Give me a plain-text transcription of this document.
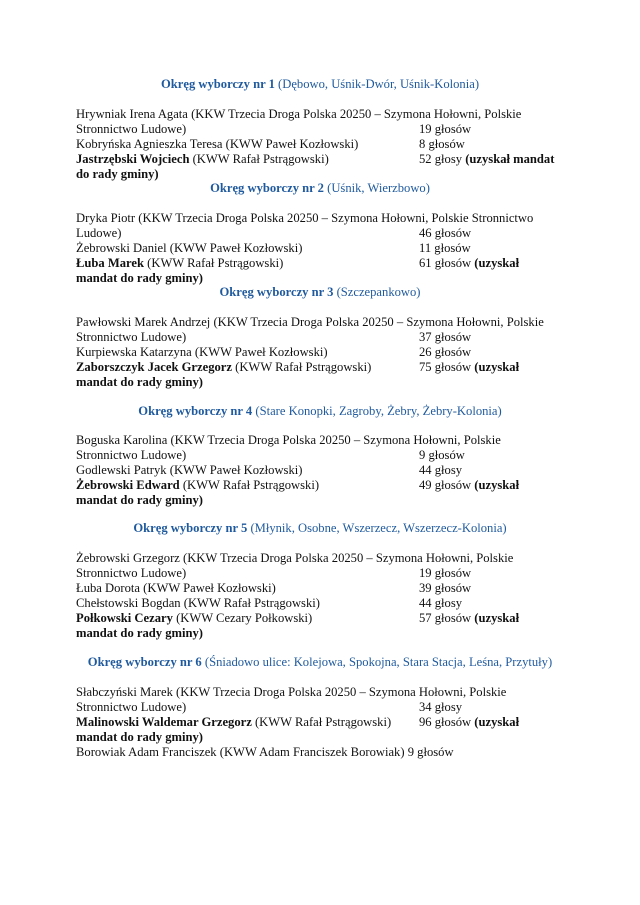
Okręg wyborczy nr 1 (Dębowo, Uśnik-Dwór, Uśnik-Kolonia)
Hrywniak Irena Agata (KKW Trzecia Droga Polska 20250 – Szymona Hołowni, Polskie
Stronnictwo Ludowe)	19 głosów
Kobryńska Agnieszka Teresa (KWW Paweł Kozłowski)	8 głosów
Jastrzębski Wojciech (KWW Rafał Pstrągowski)	52 głosy (uzyskał mandat
do rady gminy)
Okręg wyborczy nr 2 (Uśnik, Wierzbowo)
Dryka Piotr (KKW Trzecia Droga Polska 20250 – Szymona Hołowni, Polskie Stronnictwo
Ludowe)	46 głosów
Żebrowski Daniel (KWW Paweł Kozłowski)	11 głosów
Łuba Marek (KWW Rafał Pstrągowski)	61 głosów (uzyskał
mandat do rady gminy)
Okręg wyborczy nr 3 (Szczepankowo)
Pawłowski Marek Andrzej (KKW Trzecia Droga Polska 20250 – Szymona Hołowni, Polskie
Stronnictwo Ludowe)	37 głosów
Kurpiewska Katarzyna (KWW Paweł Kozłowski)	26 głosów
Zaborszczyk Jacek Grzegorz (KWW Rafał Pstrągowski)	75 głosów (uzyskał
mandat do rady gminy)
Okręg wyborczy nr 4 (Stare Konopki, Zagroby, Żebry, Żebry-Kolonia)
Boguska Karolina (KKW Trzecia Droga Polska 20250 – Szymona Hołowni, Polskie
Stronnictwo Ludowe)	9 głosów
Godlewski Patryk (KWW Paweł Kozłowski)	44 głosy
Żebrowski Edward (KWW Rafał Pstrągowski)	49 głosów (uzyskał
mandat do rady gminy)
Okręg wyborczy nr 5 (Młynik, Osobne, Wszerzecz, Wszerzecz-Kolonia)
Żebrowski Grzegorz (KKW Trzecia Droga Polska 20250 – Szymona Hołowni, Polskie
Stronnictwo Ludowe)	19 głosów
Łuba Dorota (KWW Paweł Kozłowski)	39 głosów
Chełstowski Bogdan (KWW Rafał Pstrągowski)	44 głosy
Połkowski Cezary (KWW Cezary Połkowski)	57 głosów (uzyskał
mandat do rady gminy)
Okręg wyborczy nr 6 (Śniadowo ulice: Kolejowa, Spokojna, Stara Stacja, Leśna, Przytuły)
Słabczyński Marek (KKW Trzecia Droga Polska 20250 – Szymona Hołowni, Polskie
Stronnictwo Ludowe)	34 głosy
Malinowski Waldemar Grzegorz (KWW Rafał Pstrągowski) 96 głosów (uzyskał
mandat do rady gminy)
Borowiak Adam Franciszek (KWW Adam Franciszek Borowiak) 9 głosów
